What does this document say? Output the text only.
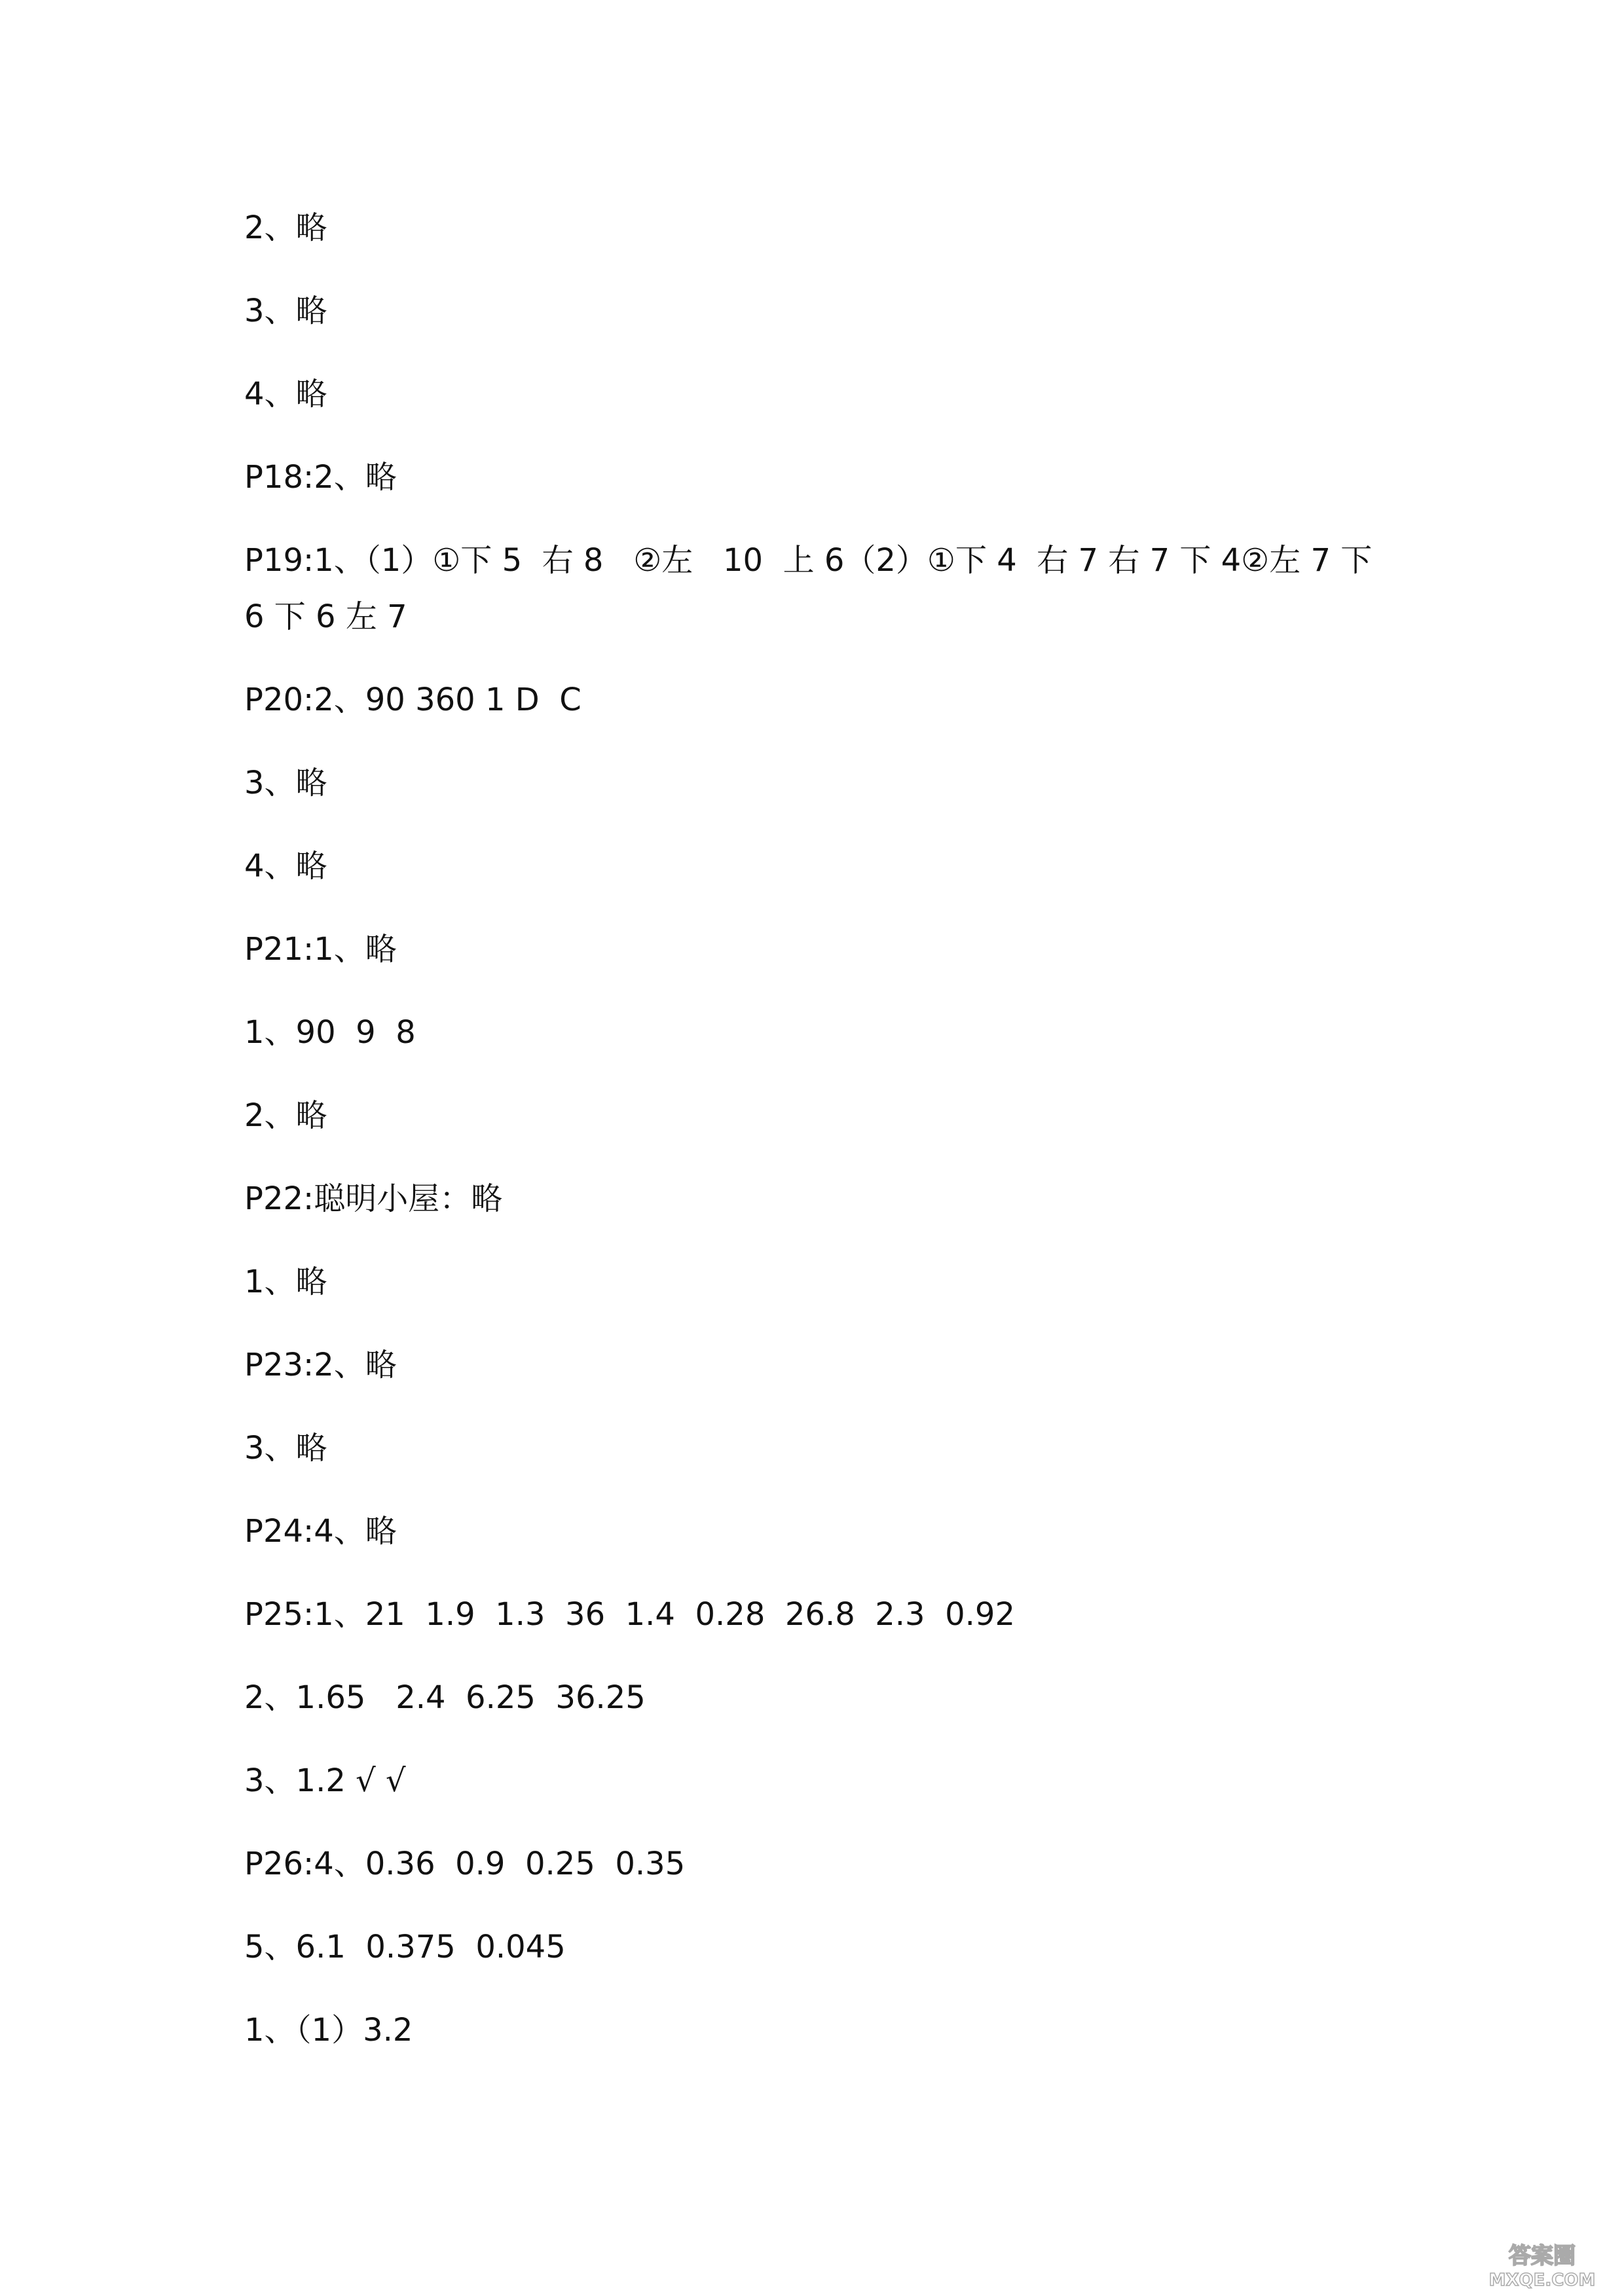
2、略
3、略
4、略
P18:2、略
P19:1、（1）①下 5  右 8   ②左   10  上 6（2）①下 4  右 7 右 7 下 4②左 7 下 6 下 6 左 7
P20:2、90 360 1 D  C
3、略
4、略
P21:1、略
1、90  9  8
2、略
P22:聪明小屋：略
1、略
P23:2、略
3、略
P24:4、略
P25:1、21  1.9  1.3  36  1.4  0.28  26.8  2.3  0.92
2、1.65   2.4  6.25  36.25
3、1.2 √ √
P26:4、0.36  0.9  0.25  0.35
5、6.1  0.375  0.045
1、（1）3.2
答案圈
MXQE.COM
